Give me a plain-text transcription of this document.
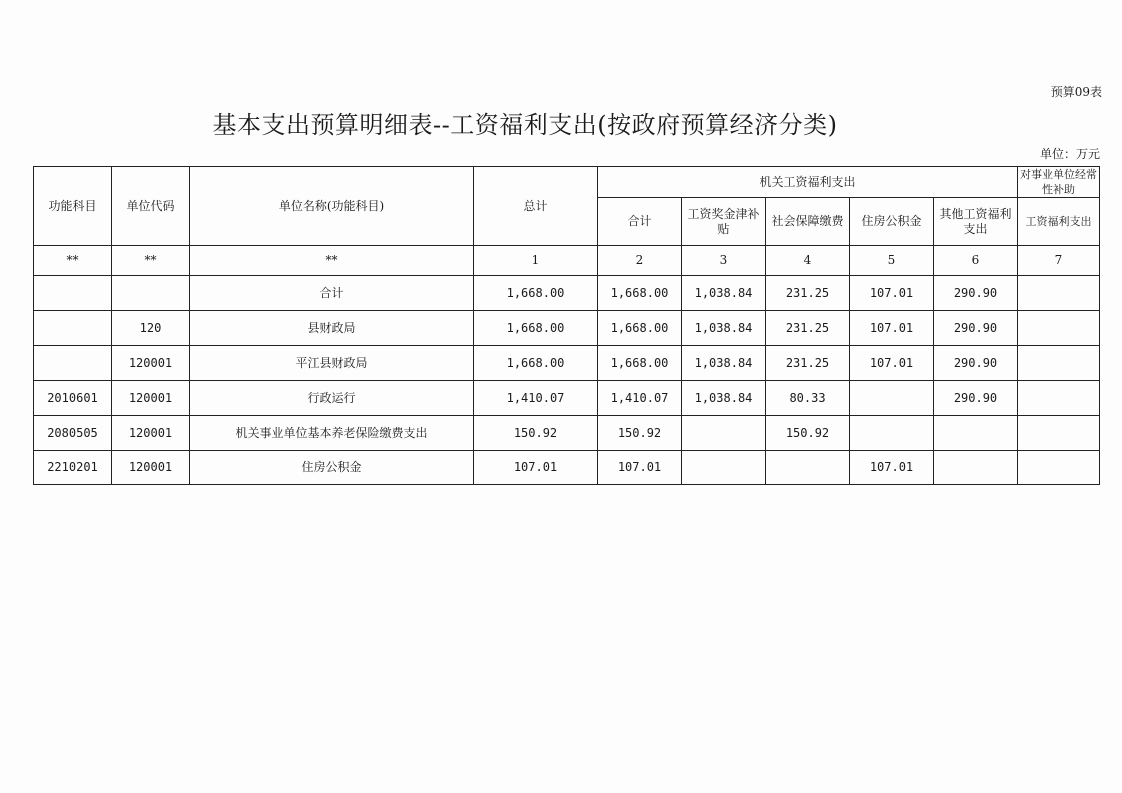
预算09表
基本支出预算明细表--工资福利支出(按政府预算经济分类)
单位：万元
功能科目	单位代码	单位名称(功能科目)	总计	机关工资福利支出					对事业单位经常性补助
				合计	工资奖金津补贴	社会保障缴费	住房公积金	其他工资福利支出	工资福利支出
**	**	**	1	2	3	4	5	6	7
		合计	1,668.00	1,668.00	1,038.84	231.25	107.01	290.90	
	120	县财政局	1,668.00	1,668.00	1,038.84	231.25	107.01	290.90	
	120001	平江县财政局	1,668.00	1,668.00	1,038.84	231.25	107.01	290.90	
2010601	120001	行政运行	1,410.07	1,410.07	1,038.84	80.33		290.90	
2080505	120001	机关事业单位基本养老保险缴费支出	150.92	150.92		150.92			
2210201	120001	住房公积金	107.01	107.01			107.01		
